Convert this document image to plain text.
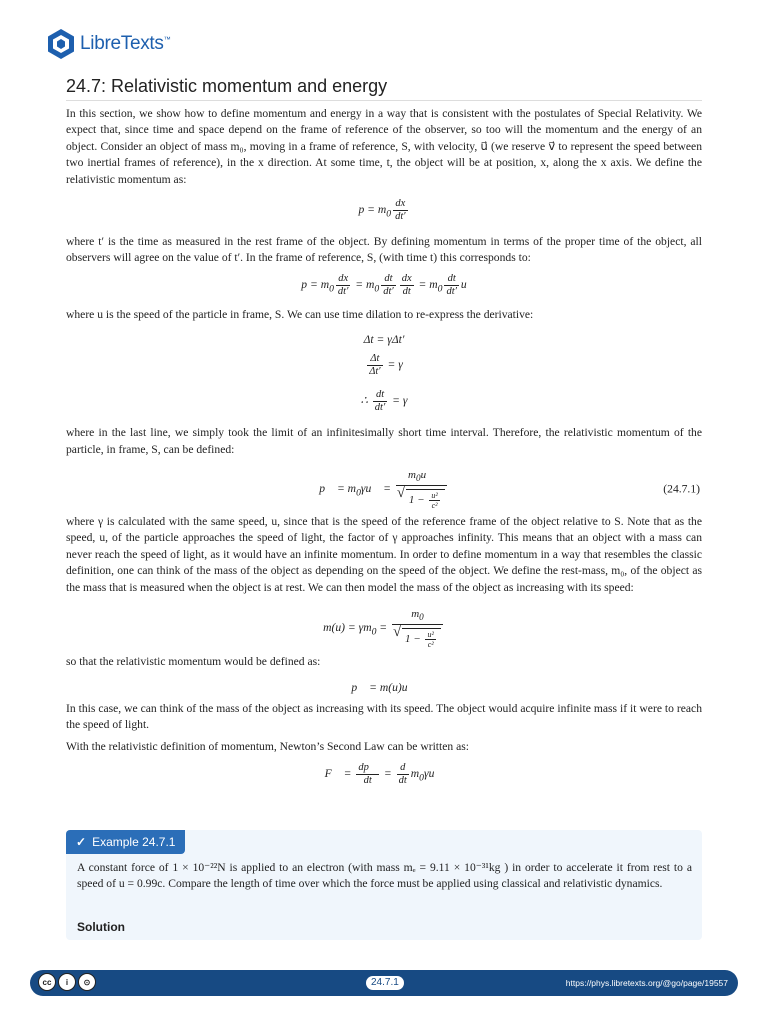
LibreTexts™
24.7: Relativistic momentum and energy

In this section, we show how to define momentum and energy in a way that is consistent with the postulates of Special Relativity. We expect that, since time and space depend on the frame of reference of the observer, so too will the momentum and the energy of an object. Consider an object of mass m₀, moving in a frame of reference, S, with velocity, u⃗ (we reserve v⃗ to represent the speed between two inertial frames of reference), in the x direction. At some time, t, the object will be at position, x, along the x axis. We define the relativistic momentum as:

$p = m_0 \frac{dx}{dt'}$

where t′ is the time as measured in the rest frame of the object. By defining momentum in terms of the proper time of the object, all observers will agree on the value of t′. In the frame of reference, S, (with time t) this corresponds to:

$p = m_0 \frac{dx}{dt'} = m_0 \frac{dt}{dt'} \frac{dx}{dt} = m_0 \frac{dt}{dt'}$ u

where u is the speed of the particle in frame, S. We can use time dilation to re-express the derivative:

Δt = γΔt′
$\frac{\Delta t}{\Delta t'} = \gamma$
∴ $\frac{dt}{dt'} = \gamma$

where in the last line, we simply took the limit of an infinitesimally short time interval. Therefore, the relativistic momentum of the particle, in frame, S, can be defined:

p⃗ = $m_0\gamma u⃗$ = $m_0u⃗$
√ $1 - \frac{\text{u²}}{\text{c²}}$	(24.7.1)

where γ is calculated with the same speed, u, since that is the speed of the reference frame of the object relative to S. Note that as the speed, u, of the particle approaches the speed of light, the factor of γ approaches infinity. This means that an object with a mass can never reach the speed of light, as it would have an infinite momentum. In order to define momentum in a way that resembles the classic definition, one can think of the mass of the object as depending on the speed of the object. We define the rest-mass, m₀, of the object as the mass that is measured when the object is at rest. We can then model the mass of the object as increasing with its speed:

$m(u) = \gamma m_0 = m_0$
√ $1 - \frac{\text{u²}}{\text{c²}}$

so that the relativistic momentum would be defined as:

p⃗ = m(u)u⃗

In this case, we can think of the mass of the object as increasing with its speed. The object would acquire infinite mass if it were to reach the speed of light.

With the relativistic definition of momentum, Newton’s Second Law can be written as:

F⃗ = $\frac{dp⃗}{dt} = \frac{d}{dt}$ $m_0\gamma u⃗$
✓ Example
24.7.1
A constant force of 1 × 10⁻²²N is applied to an electron (with mass mₑ = 9.11 × 10⁻³¹kg ) in order to accelerate it from rest to a speed of u = 0.99c. Compare the length of time over which the force must be applied using classical and relativistic dynamics.
Solution
cc	i	⊙	24.7.1	https://phys.libretexts.org/@go/page/19557
